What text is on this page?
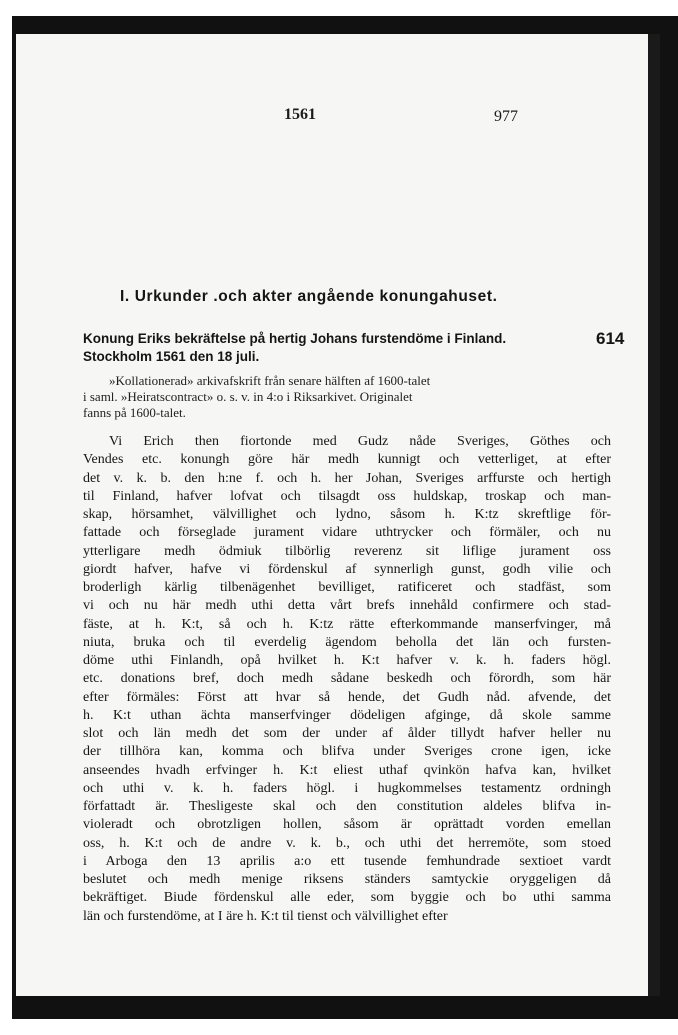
1561	977
I. Urkunder .och akter angående konungahuset.
Konung Eriks bekräftelse på hertig Johans furstendöme i Finland.
Stockholm 1561 den 18 juli.
614
»Kollationerad» arkivafskrift från senare hälften af 1600-talet
i saml. »Heiratscontract» o. s. v. in 4:o i Riksarkivet. Originalet
fanns på 1600-talet.
Vi Erich then fiortonde med Gudz nåde Sveriges, Göthes och
Vendes etc. konungh göre här medh kunnigt och vetterliget, at efter
det v. k. b. den h:ne f. och h. her Johan, Sveriges arffurste och hertigh
til Finland, hafver lofvat och tilsagdt oss huldskap, troskap och man-
skap, hörsamhet, välvillighet och lydno, såsom h. K:tz skreftlige för-
fattade och förseglade jurament vidare uthtrycker och förmäler, och nu
ytterligare medh ödmiuk tilbörlig reverenz sit liflige jurament oss
giordt hafver, hafve vi fördenskul af synnerligh gunst, godh vilie och
broderligh kärlig tilbenägenhet bevilliget, ratificeret och stadfäst, som
vi och nu här medh uthi detta vårt brefs innehåld confirmere och stad-
fäste, at h. K:t, så och h. K:tz rätte efterkommande manserfvinger, må
niuta, bruka och til everdelig ägendom beholla det län och fursten-
döme uthi Finlandh, opå hvilket h. K:t hafver v. k. h. faders högl.
etc. donations bref, doch medh sådane beskedh och förordh, som här
efter förmäles: Först att hvar så hende, det Gudh nåd. afvende, det
h. K:t uthan ächta manserfvinger dödeligen afginge, då skole samme
slot och län medh det som der under af ålder tillydt hafver heller nu
der tillhöra kan, komma och blifva under Sveriges crone igen, icke
anseendes hvadh erfvinger h. K:t eliest uthaf qvinkön hafva kan, hvilket
och uthi v. k. h. faders högl. i hugkommelses testamentz ordningh
författadt är. Thesligeste skal och den constitution aldeles blifva in-
violeradt och obrotzligen hollen, såsom är oprättadt vorden emellan
oss, h. K:t och de andre v. k. b., och uthi det herremöte, som stoed
i Arboga den 13 aprilis a:o ett tusende femhundrade sextioet vardt
beslutet och medh menige riksens ständers samtyckie oryggeligen då
bekräftiget. Biude fördenskul alle eder, som byggie och bo uthi samma
län och furstendöme, at I äre h. K:t til tienst och välvillighet efter
